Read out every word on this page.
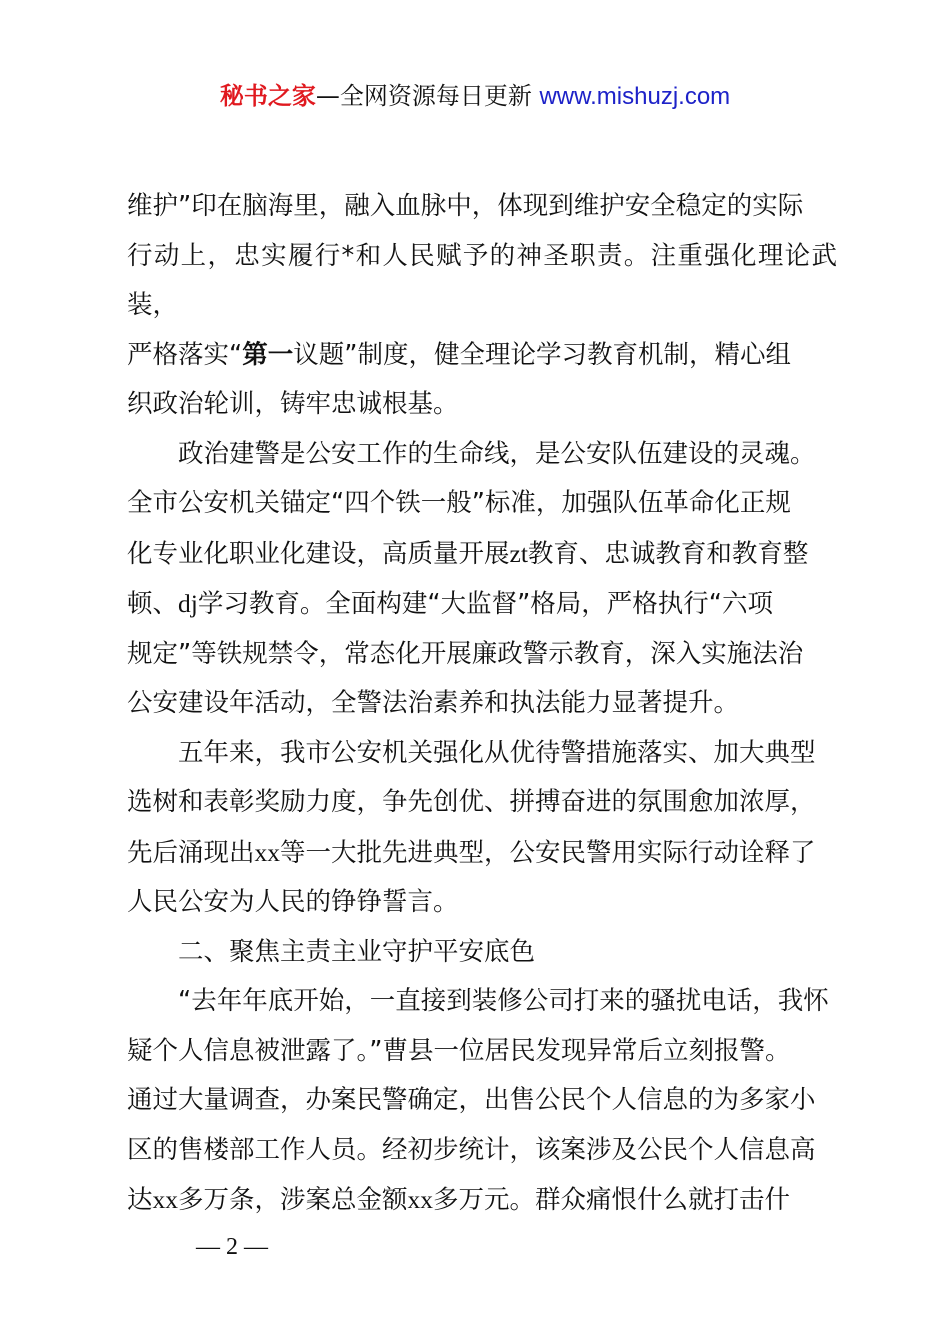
秘书之家—全网资源每日更新 www.mishuzj.com

维护”印在脑海里，融入血脉中，体现到维护安全稳定的实际

行动上，忠实履行*和人民赋予的神圣职责。注重强化理论武装，

严格落实“第一议题”制度，健全理论学习教育机制，精心组

织政治轮训，铸牢忠诚根基。

政治建警是公安工作的生命线，是公安队伍建设的灵魂。

全市公安机关锚定“四个铁一般”标准，加强队伍革命化正规

化专业化职业化建设，高质量开展zt教育、忠诚教育和教育整

顿、dj学习教育。全面构建“大监督”格局，严格执行“六项

规定”等铁规禁令，常态化开展廉政警示教育，深入实施法治

公安建设年活动，全警法治素养和执法能力显著提升。

五年来，我市公安机关强化从优待警措施落实、加大典型

选树和表彰奖励力度，争先创优、拼搏奋进的氛围愈加浓厚，

先后涌现出xx等一大批先进典型，公安民警用实际行动诠释了

人民公安为人民的铮铮誓言。

二、聚焦主责主业守护平安底色

“去年年底开始，一直接到装修公司打来的骚扰电话，我怀

疑个人信息被泄露了。”曹县一位居民发现异常后立刻报警。

通过大量调查，办案民警确定，出售公民个人信息的为多家小

区的售楼部工作人员。经初步统计，该案涉及公民个人信息高

达xx多万条，涉案总金额xx多万元。群众痛恨什么就打击什

— 2 —
